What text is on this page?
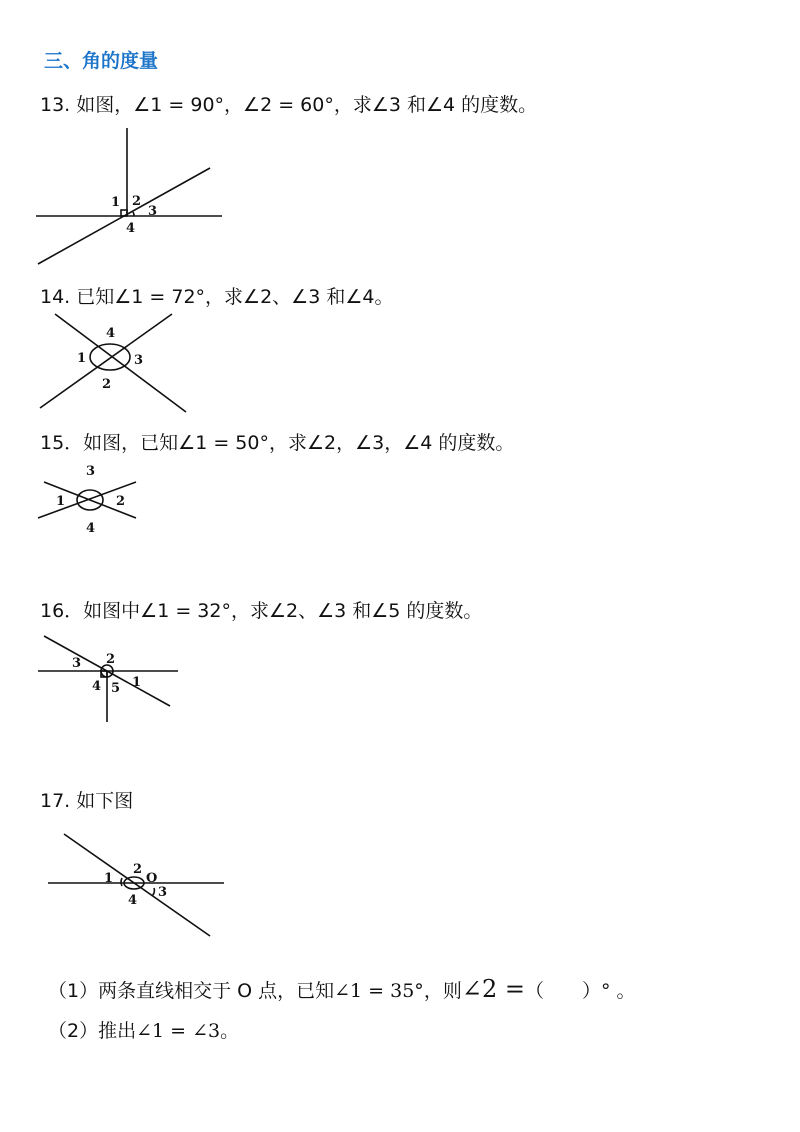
三、角的度量
13. 如图，∠1 = 90°，∠2 = 60°，求∠3 和∠4 的度数。
1 2
3
4
14. 已知∠1 = 72°，求∠2、∠3 和∠4。
4
1	3
2
15．如图，已知∠1 = 50°，求∠2，∠3，∠4 的度数。
3
1	2
4
16．如图中∠1 = 32°，求∠2、∠3 和∠5 的度数。
3 2
4 5 1
17. 如下图
1
2
O
3
4
（1）两条直线相交于 O 点，已知∠1 = 35°，则∠2 =（　　）° 。
（2）推出∠1 = ∠3。
